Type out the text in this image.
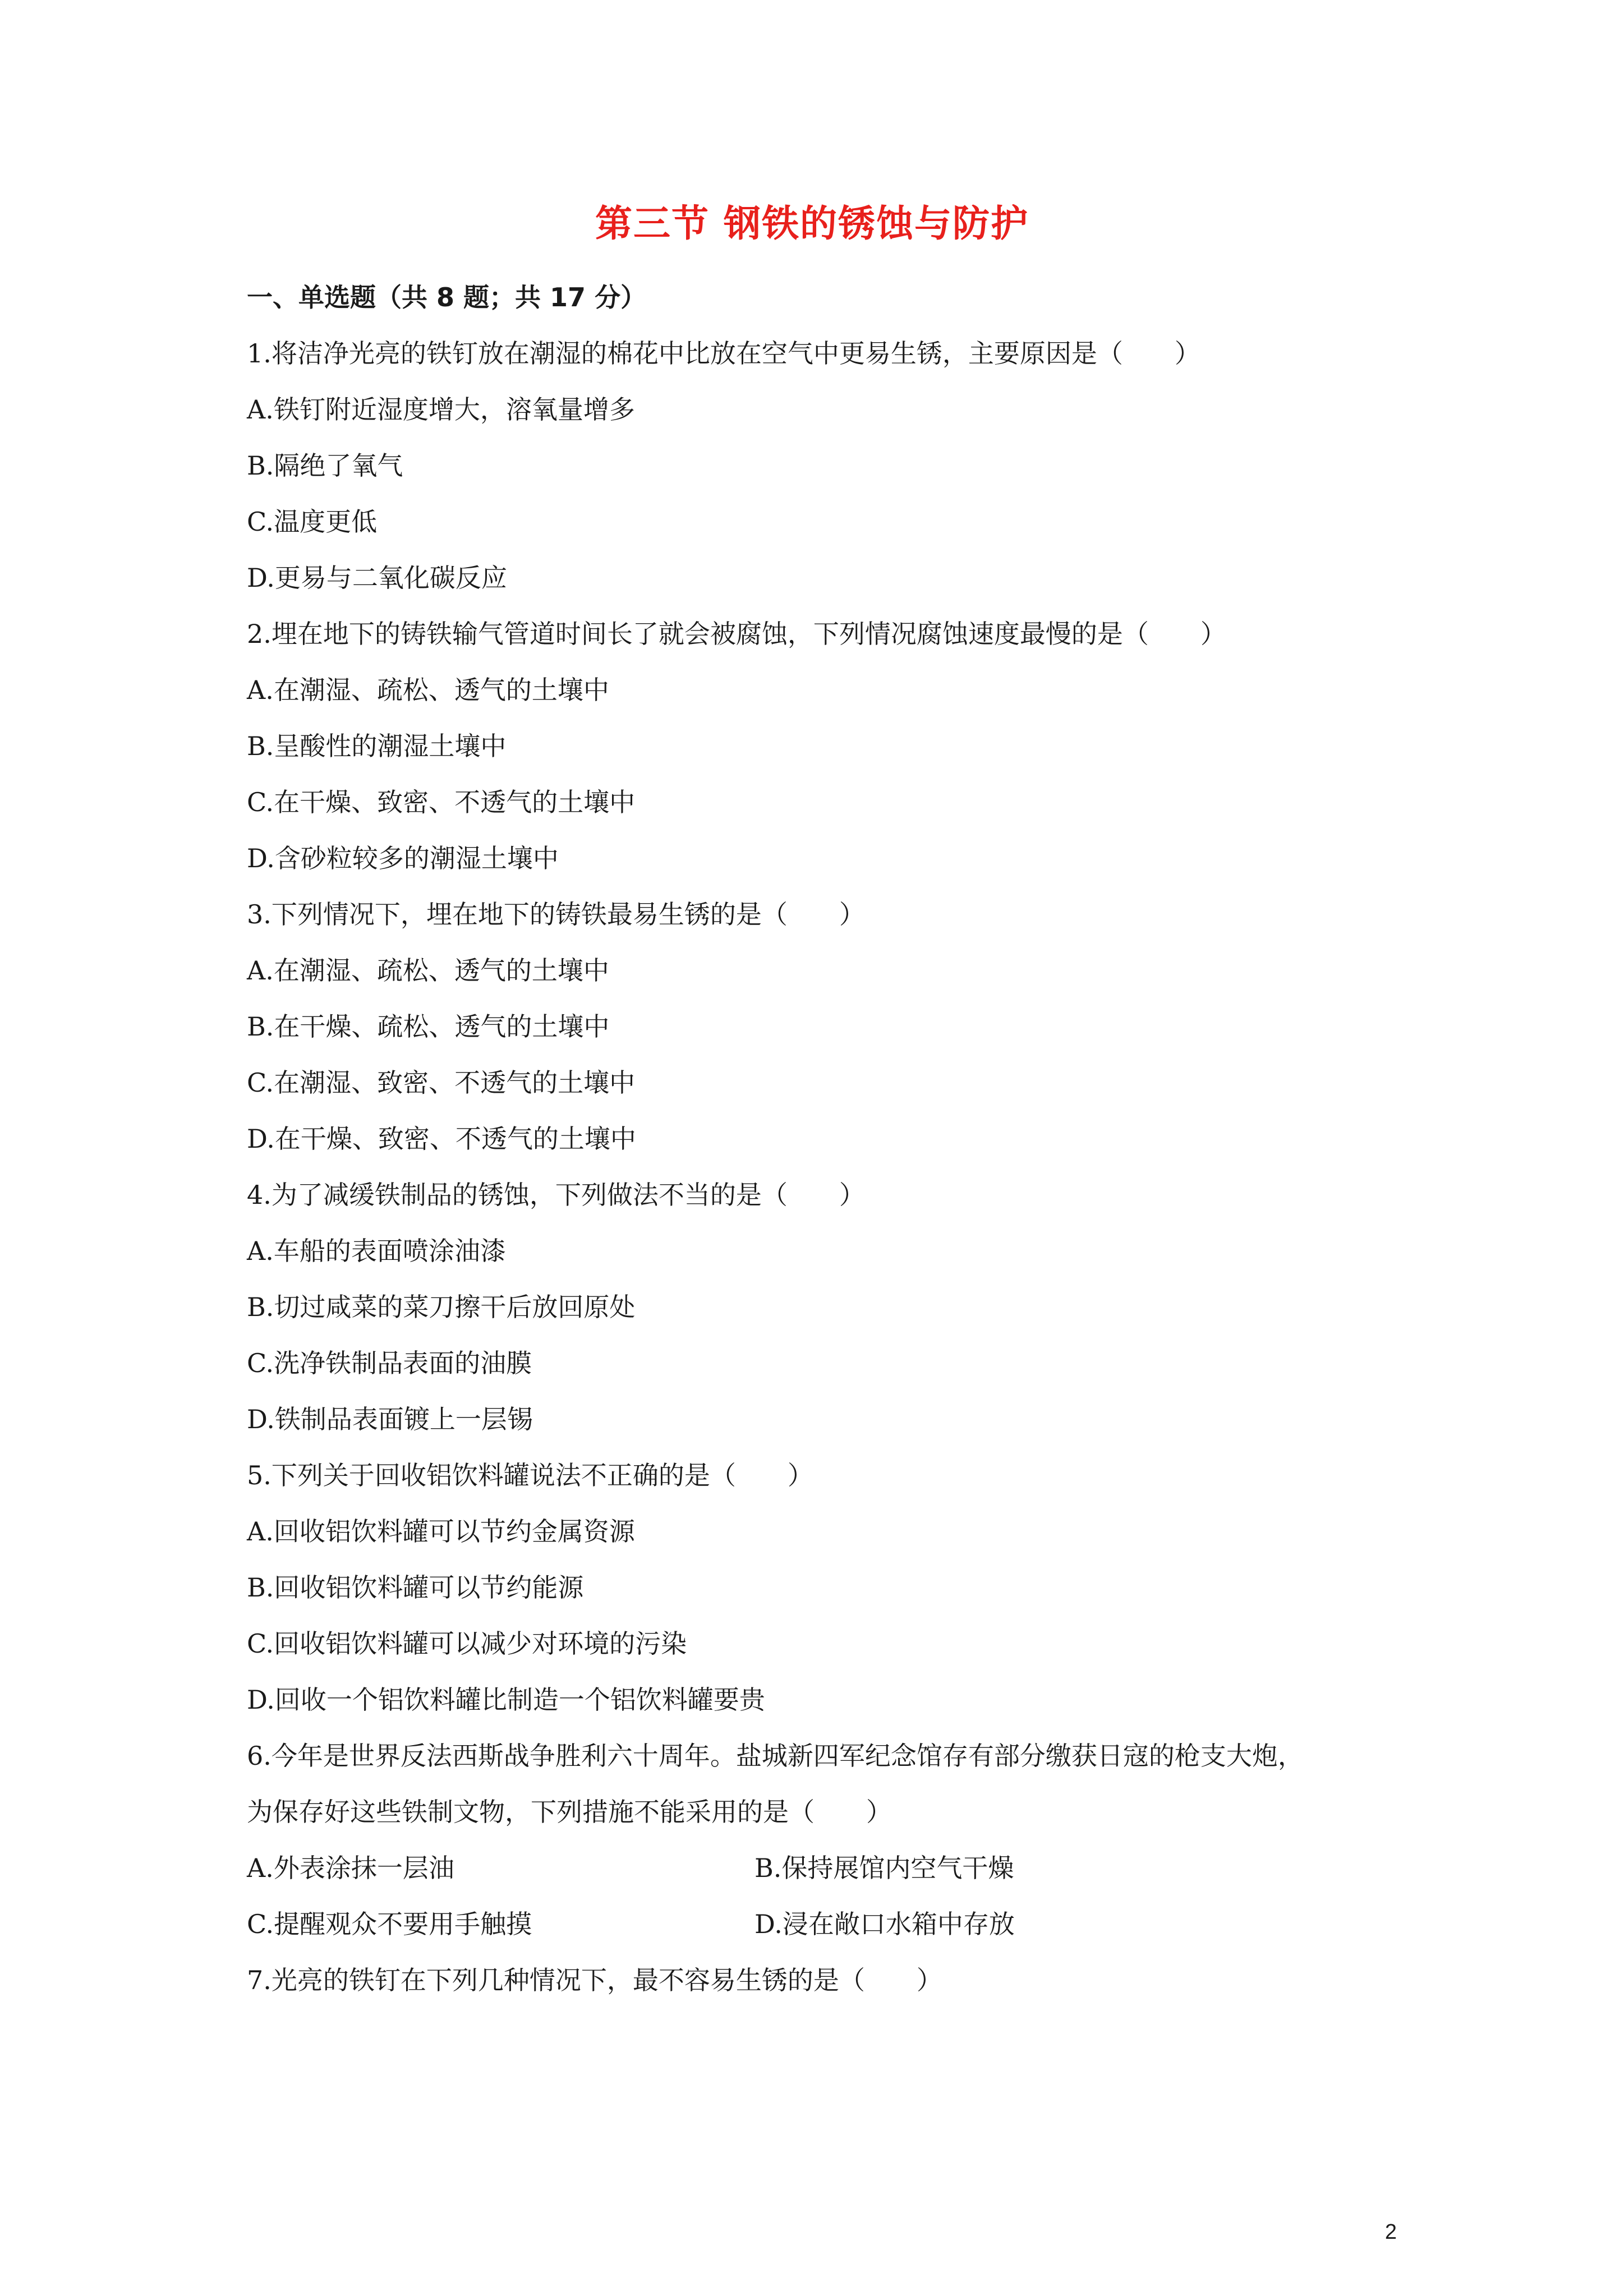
第三节 钢铁的锈蚀与防护
一、单选题（共 8 题；共 17 分）
1.将洁净光亮的铁钉放在潮湿的棉花中比放在空气中更易生锈，主要原因是（　　）
A.铁钉附近湿度增大，溶氧量增多
B.隔绝了氧气
C.温度更低
D.更易与二氧化碳反应
2.埋在地下的铸铁输气管道时间长了就会被腐蚀，下列情况腐蚀速度最慢的是（　　）
A.在潮湿、疏松、透气的土壤中
B.呈酸性的潮湿土壤中
C.在干燥、致密、不透气的土壤中
D.含砂粒较多的潮湿土壤中
3.下列情况下，埋在地下的铸铁最易生锈的是（　　）
A.在潮湿、疏松、透气的土壤中
B.在干燥、疏松、透气的土壤中
C.在潮湿、致密、不透气的土壤中
D.在干燥、致密、不透气的土壤中
4.为了减缓铁制品的锈蚀，下列做法不当的是（　　）
A.车船的表面喷涂油漆
B.切过咸菜的菜刀擦干后放回原处
C.洗净铁制品表面的油膜
D.铁制品表面镀上一层锡
5.下列关于回收铝饮料罐说法不正确的是（　　）
A.回收铝饮料罐可以节约金属资源
B.回收铝饮料罐可以节约能源
C.回收铝饮料罐可以减少对环境的污染
D.回收一个铝饮料罐比制造一个铝饮料罐要贵
6.今年是世界反法西斯战争胜利六十周年。盐城新四军纪念馆存有部分缴获日寇的枪支大炮，
为保存好这些铁制文物，下列措施不能采用的是（　　）
A.外表涂抹一层油	B.保持展馆内空气干燥
C.提醒观众不要用手触摸	D.浸在敞口水箱中存放
7.光亮的铁钉在下列几种情况下，最不容易生锈的是（　　）
2
